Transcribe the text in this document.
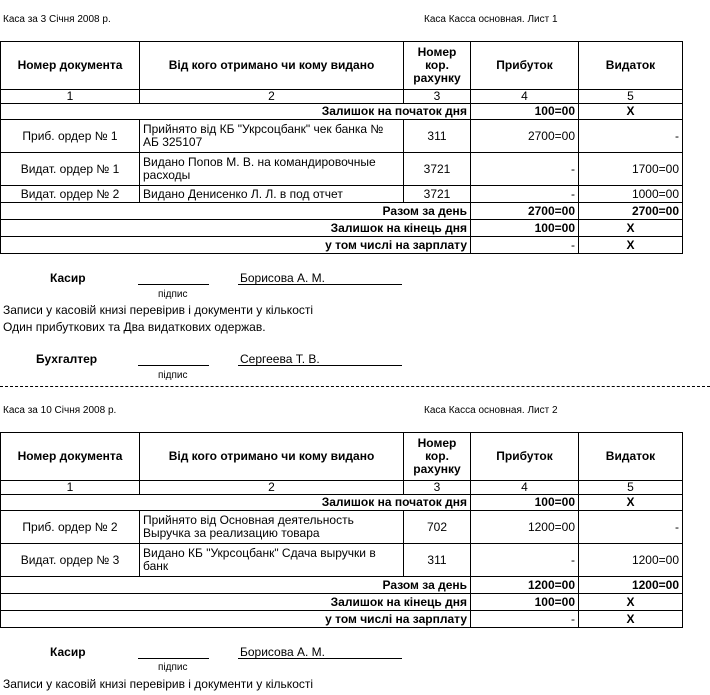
Каса за 3 Січня 2008 р.	Каса Касса основная. Лист 1
Номер документа	Від кого отримано чи кому видано	Номер кор. рахунку	Прибуток	Видаток
1	2	3	4	5
Залишок на початок дня			100=00	X
Приб. ордер № 1	Прийнято від КБ "Укрсоцбанк" чек банка № АБ 325107	311	2700=00	-
Видат. ордер № 1	Видано Попов М. В. на командировочные расходы	3721	-	1700=00
Видат. ордер № 2	Видано Денисенко Л. Л. в под отчет	3721	-	1000=00
Разом за день			2700=00	2700=00
Залишок на кінець дня			100=00	X
у том числі на зарплату			-	X
Касир	Борисова А. М.
підпис
Записи у касовій книзі перевірив і документи у кількості
Один прибуткових та Два видаткових одержав.
Бухгалтер	Сергеева Т. В.
підпис
Каса за 10 Січня 2008 р.	Каса Касса основная. Лист 2
Номер документа	Від кого отримано чи кому видано	Номер кор. рахунку	Прибуток	Видаток
1	2	3	4	5
Залишок на початок дня			100=00	X
Приб. ордер № 2	Прийнято від Основная деятельность Выручка за реализацию товара	702	1200=00	-
Видат. ордер № 3	Видано КБ "Укрсоцбанк" Сдача выручки в банк	311	-	1200=00
Разом за день			1200=00	1200=00
Залишок на кінець дня			100=00	X
у том числі на зарплату			-	X
Касир	Борисова А. М.
підпис
Записи у касовій книзі перевірив і документи у кількості
